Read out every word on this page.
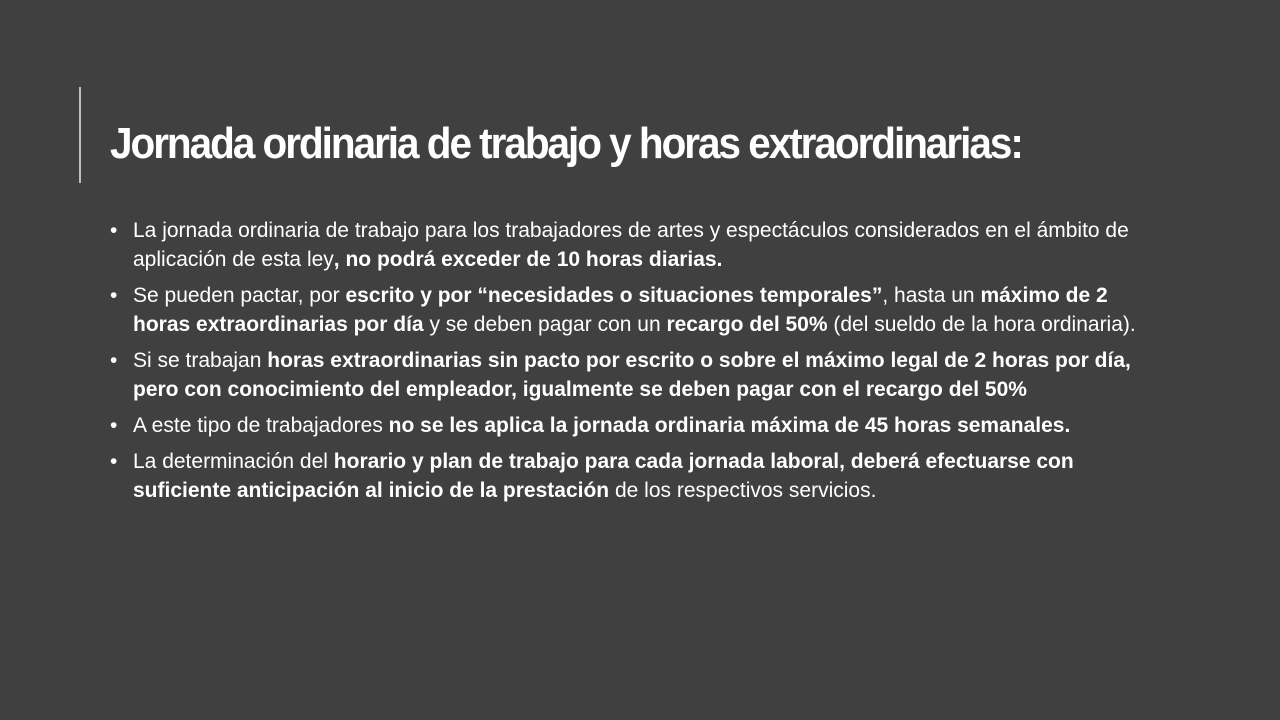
Jornada ordinaria de trabajo y horas extraordinarias:
• La jornada ordinaria de trabajo para los trabajadores de artes y espectáculos considerados en el ámbito de aplicación de esta ley, no podrá exceder de 10 horas diarias.
• Se pueden pactar, por escrito y por “necesidades o situaciones temporales”, hasta un máximo de 2 horas extraordinarias por día y se deben pagar con un recargo del 50% (del sueldo de la hora ordinaria).
• Si se trabajan horas extraordinarias sin pacto por escrito o sobre el máximo legal de 2 horas por día, pero con conocimiento del empleador, igualmente se deben pagar con el recargo del 50%
• A este tipo de trabajadores no se les aplica la jornada ordinaria máxima de 45 horas semanales.
• La determinación del horario y plan de trabajo para cada jornada laboral, deberá efectuarse con suficiente anticipación al inicio de la prestación de los respectivos servicios.
